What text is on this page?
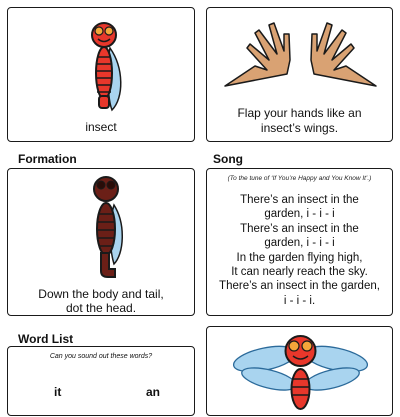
insect
Flap your hands like an
insect’s wings.
Formation
Down the body and tail,
dot the head.
Song
(To the tune of ‘If You’re Happy and You Know It’.)
There’s an insect in the
garden, i - i - i
There’s an insect in the
garden, i - i - i
In the garden flying high,
It can nearly reach the sky.
There’s an insect in the garden,
i - i - i.
Word List
Can you sound out these words?
it	an
